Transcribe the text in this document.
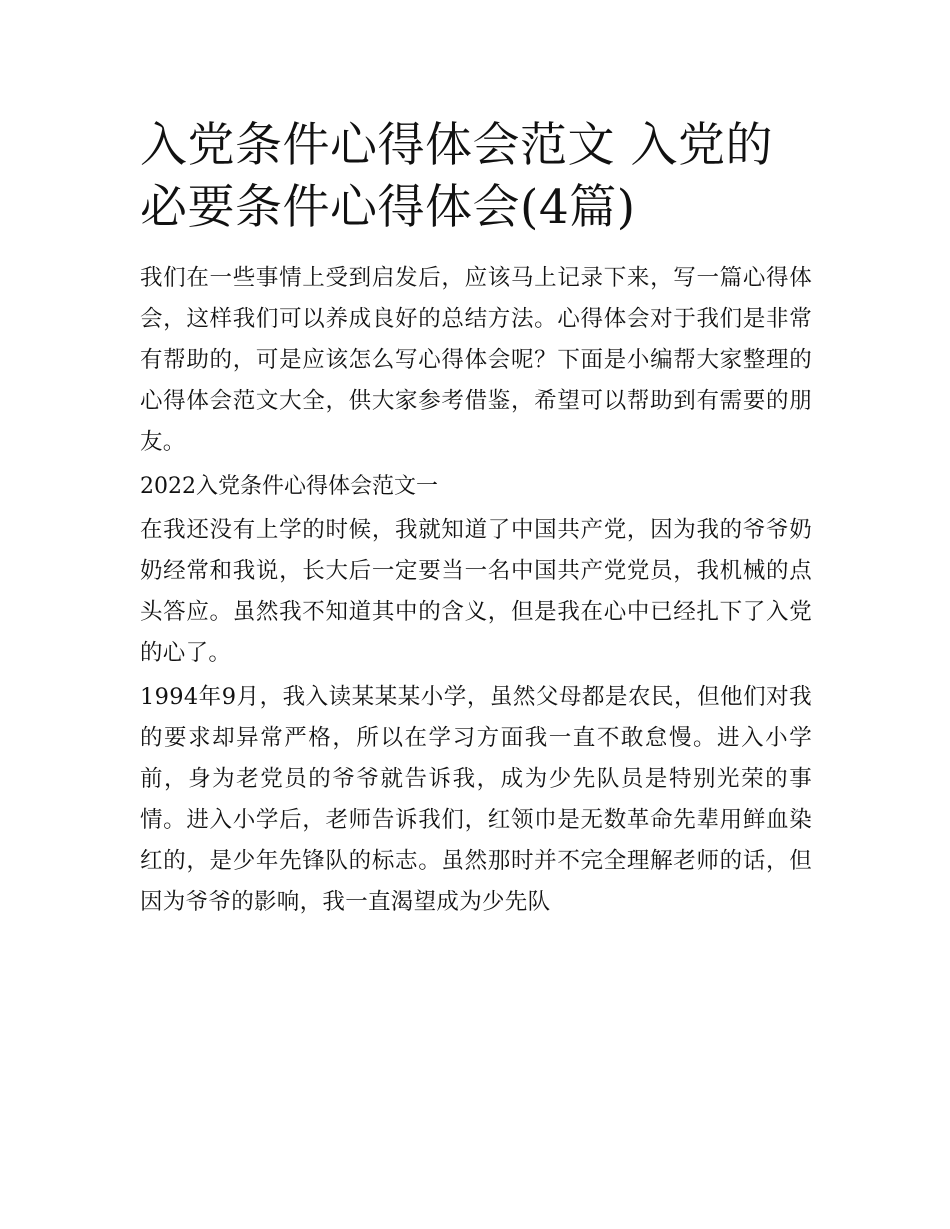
入党条件心得体会范文 入党的必要条件心得体会(4篇)

我们在一些事情上受到启发后，应该马上记录下来，写一篇心得体会，这样我们可以养成良好的总结方法。心得体会对于我们是非常有帮助的，可是应该怎么写心得体会呢？下面是小编帮大家整理的心得体会范文大全，供大家参考借鉴，希望可以帮助到有需要的朋友。

2022入党条件心得体会范文一

在我还没有上学的时候，我就知道了中国共产党，因为我的爷爷奶奶经常和我说，长大后一定要当一名中国共产党党员，我机械的点头答应。虽然我不知道其中的含义，但是我在心中已经扎下了入党的心了。

1994年9月，我入读某某某小学，虽然父母都是农民，但他们对我的要求却异常严格，所以在学习方面我一直不敢怠慢。进入小学前，身为老党员的爷爷就告诉我，成为少先队员是特别光荣的事情。进入小学后，老师告诉我们，红领巾是无数革命先辈用鲜血染红的，是少年先锋队的标志。虽然那时并不完全理解老师的话，但因为爷爷的影响，我一直渴望成为少先队
